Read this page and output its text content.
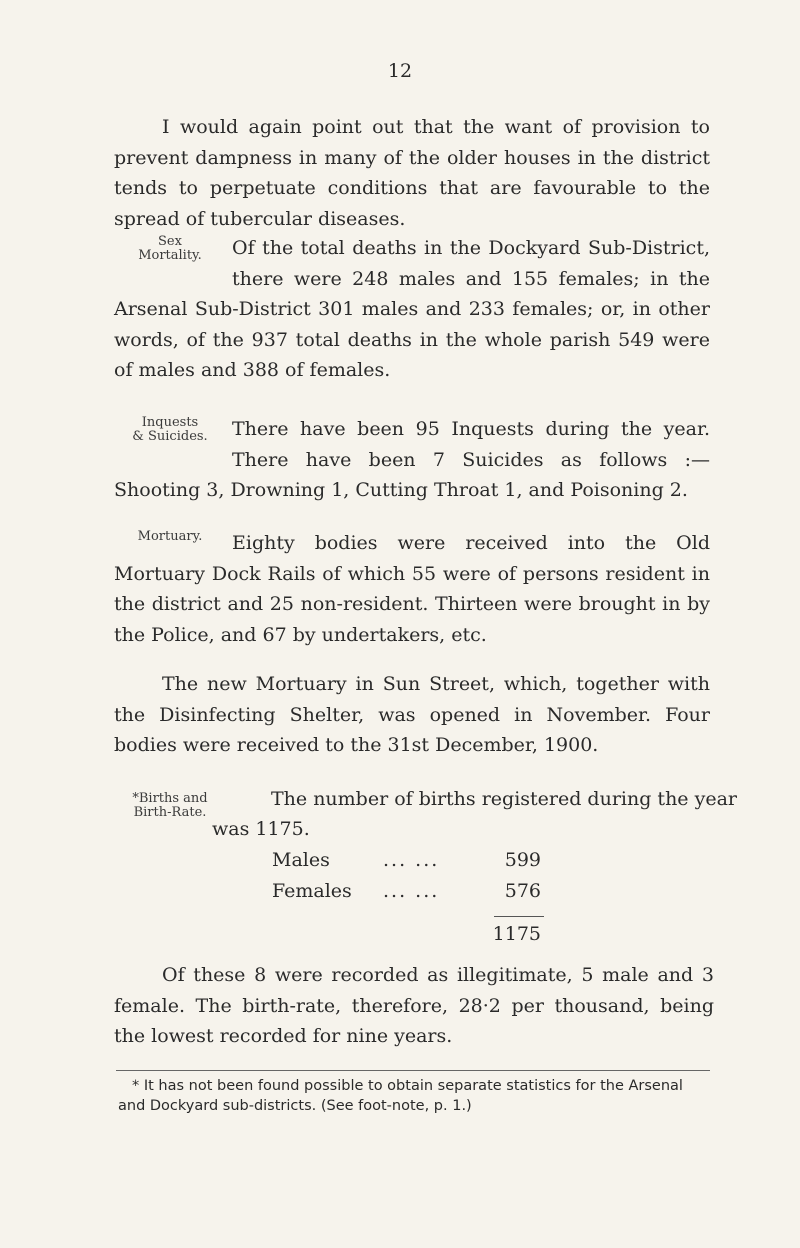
12
I would again point out that the want of provision to prevent dampness in many of the older houses in the district tends to perpetuate conditions that are favourable to the spread of tubercular diseases.
Sex
Mortality.	Of the total deaths in the Dockyard Sub-District, there were 248 males and 155 females; in the Arsenal Sub-District 301 males and 233 females; or, in other words, of the 937 total deaths in the whole parish 549 were of males and 388 of females.
Inquests
& Suicides.	There have been 95 Inquests during the year. There have been 7 Suicides as follows :—Shooting 3, Drowning 1, Cutting Throat 1, and Poisoning 2.
Mortuary.	Eighty bodies were received into the Old Mortuary Dock Rails of which 55 were of persons resident in the district and 25 non-resident. Thirteen were brought in by the Police, and 67 by undertakers, etc.
The new Mortuary in Sun Street, which, together with the Disinfecting Shelter, was opened in November. Four bodies were received to the 31st December, 1900.
*Births and
Birth-Rate.
The number of births registered during the year
was 1175.
Males	... ...	599
Females ... ...	576
1175
Of these 8 were recorded as illegitimate, 5 male and 3 female. The birth-rate, therefore, 28·2 per thousand, being the lowest recorded for nine years.
* It has not been found possible to obtain separate statistics for the Arsenal and Dockyard sub-districts. (See foot-note, p. 1.)
